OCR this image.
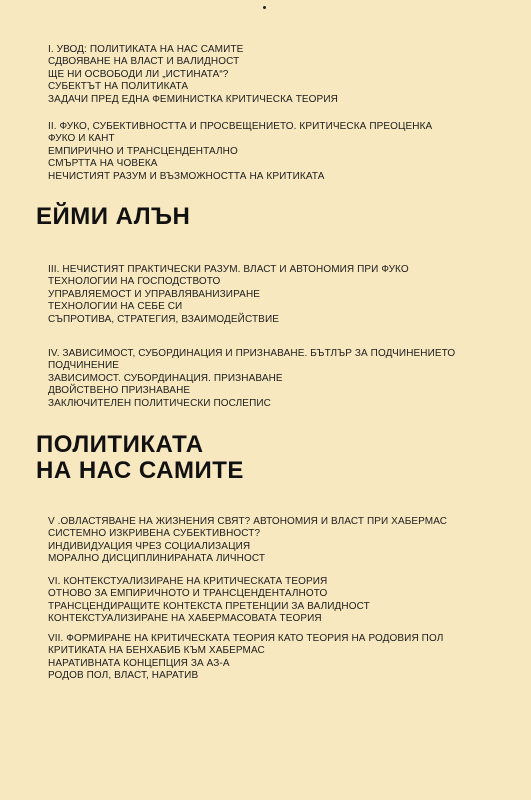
I. УВОД: ПОЛИТИКАТА НА НАС САМИТЕ
СДВОЯВАНЕ НА ВЛАСТ И ВАЛИДНОСТ
ЩЕ НИ ОСВОБОДИ ЛИ „ИСТИНАТА“?
СУБЕКТЪТ НА ПОЛИТИКАТА
ЗАДАЧИ ПРЕД ЕДНА ФЕМИНИСТКА КРИТИЧЕСКА ТЕОРИЯ
II. ФУКО, СУБЕКТИВНОСТТА И ПРОСВЕЩЕНИЕТО. КРИТИЧЕСКА ПРЕОЦЕНКА
ФУКО И КАНТ
ЕМПИРИЧНО И ТРАНСЦЕНДЕНТАЛНО
СМЪРТТА НА ЧОВЕКА
НЕЧИСТИЯТ РАЗУМ И ВЪЗМОЖНОСТТА НА КРИТИКАТА
ЕЙМИ АЛЪН
III. НЕЧИСТИЯТ ПРАКТИЧЕСКИ РАЗУМ. ВЛАСТ И АВТОНОМИЯ ПРИ ФУКО
ТЕХНОЛОГИИ НА ГОСПОДСТВОТО
УПРАВЛЯЕМОСТ И УПРАВЛЯВАНИЗИРАНЕ
ТЕХНОЛОГИИ НА СЕБЕ СИ
СЪПРОТИВА, СТРАТЕГИЯ, ВЗАИМОДЕЙСТВИЕ
IV. ЗАВИСИМОСТ, СУБОРДИНАЦИЯ И ПРИЗНАВАНЕ. БЪТЛЪР ЗА ПОДЧИНЕНИЕТО
ПОДЧИНЕНИЕ
ЗАВИСИМОСТ. СУБОРДИНАЦИЯ. ПРИЗНАВАНЕ
ДВОЙСТВЕНО ПРИЗНАВАНЕ
ЗАКЛЮЧИТЕЛЕН ПОЛИТИЧЕСКИ ПОСЛЕПИС
ПОЛИТИКАТА
НА НАС САМИТЕ
V .ОВЛАСТЯВАНЕ НА ЖИЗНЕНИЯ СВЯТ? АВТОНОМИЯ И ВЛАСТ ПРИ ХАБЕРМАС
СИСТЕМНО ИЗКРИВЕНА СУБЕКТИВНОСТ?
ИНДИВИДУАЦИЯ ЧРЕЗ СОЦИАЛИЗАЦИЯ
МОРАЛНО ДИСЦИПЛИНИРАНАТА ЛИЧНОСТ
VI. КОНТЕКСТУАЛИЗИРАНЕ НА КРИТИЧЕСКАТА ТЕОРИЯ
ОТНОВО ЗА ЕМПИРИЧНОТО И ТРАНСЦЕНДЕНТАЛНОТО
ТРАНСЦЕНДИРАЩИТЕ КОНТЕКСТА ПРЕТЕНЦИИ ЗА ВАЛИДНОСТ
КОНТЕКСТУАЛИЗИРАНЕ НА ХАБЕРМАСОВАТА ТЕОРИЯ
VII. ФОРМИРАНЕ НА КРИТИЧЕСКАТА ТЕОРИЯ КАТО ТЕОРИЯ НА РОДОВИЯ ПОЛ
КРИТИКАТА НА БЕНХАБИБ КЪМ ХАБЕРМАС
НАРАТИВНАТА КОНЦЕПЦИЯ ЗА АЗ-А
РОДОВ ПОЛ, ВЛАСТ, НАРАТИВ
